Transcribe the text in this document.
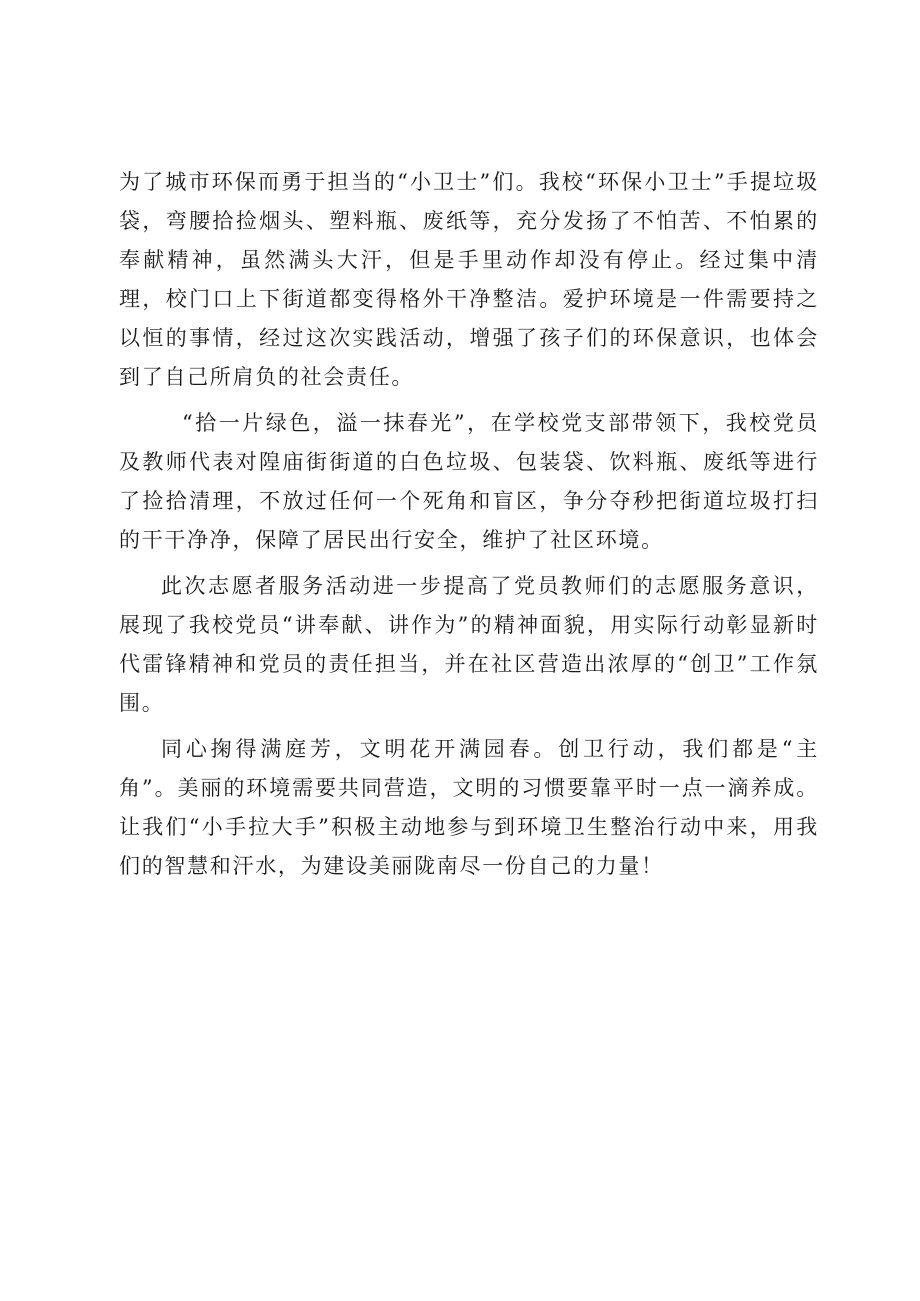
为了城市环保而勇于担当的“小卫士”们。我校“环保小卫士”手提垃圾袋，弯腰拾捡烟头、塑料瓶、废纸等，充分发扬了不怕苦、不怕累的奉献精神，虽然满头大汗，但是手里动作却没有停止。经过集中清理，校门口上下街道都变得格外干净整洁。爱护环境是一件需要持之以恒的事情，经过这次实践活动，增强了孩子们的环保意识，也体会到了自己所肩负的社会责任。

“拾一片绿色，溢一抹春光”，在学校党支部带领下，我校党员及教师代表对隍庙街街道的白色垃圾、包装袋、饮料瓶、废纸等进行了捡拾清理，不放过任何一个死角和盲区，争分夺秒把街道垃圾打扫的干干净净，保障了居民出行安全，维护了社区环境。

此次志愿者服务活动进一步提高了党员教师们的志愿服务意识，展现了我校党员“讲奉献、讲作为”的精神面貌，用实际行动彰显新时代雷锋精神和党员的责任担当，并在社区营造出浓厚的“创卫”工作氛围。

同心掬得满庭芳，文明花开满园春。创卫行动，我们都是“主角”。美丽的环境需要共同营造，文明的习惯要靠平时一点一滴养成。让我们“小手拉大手”积极主动地参与到环境卫生整治行动中来，用我们的智慧和汗水，为建设美丽陇南尽一份自己的力量！
